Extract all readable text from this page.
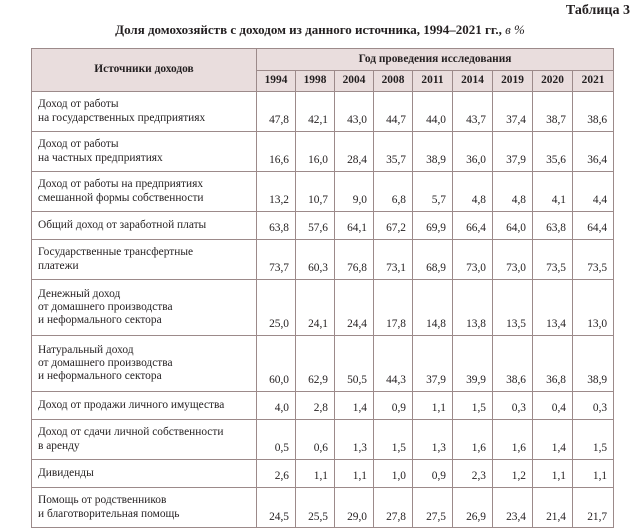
Таблица 3
Доля домохозяйств с доходом из данного источника, 1994–2021 гг., в %
Источники доходов	Год проведения исследования								
	1994	1998	2004	2008	2011	2014	2019	2020	2021
Доход от работы
на государственных предприятиях	47,8	42,1	43,0	44,7	44,0	43,7	37,4	38,7	38,6
Доход от работы
на частных предприятиях	16,6	16,0	28,4	35,7	38,9	36,0	37,9	35,6	36,4
Доход от работы на предприятиях
смешанной формы собственности	13,2	10,7	9,0	6,8	5,7	4,8	4,8	4,1	4,4
Общий доход от заработной платы	63,8	57,6	64,1	67,2	69,9	66,4	64,0	63,8	64,4
Государственные трансфертные
платежи	73,7	60,3	76,8	73,1	68,9	73,0	73,0	73,5	73,5
Денежный доход
от домашнего производства
и неформального сектора	25,0	24,1	24,4	17,8	14,8	13,8	13,5	13,4	13,0
Натуральный доход
от домашнего производства
и неформального сектора	60,0	62,9	50,5	44,3	37,9	39,9	38,6	36,8	38,9
Доход от продажи личного имущества	4,0	2,8	1,4	0,9	1,1	1,5	0,3	0,4	0,3
Доход от сдачи личной собственности
в аренду	0,5	0,6	1,3	1,5	1,3	1,6	1,6	1,4	1,5
Дивиденды	2,6	1,1	1,1	1,0	0,9	2,3	1,2	1,1	1,1
Помощь от родственников
и благотворительная помощь	24,5	25,5	29,0	27,8	27,5	26,9	23,4	21,4	21,7
